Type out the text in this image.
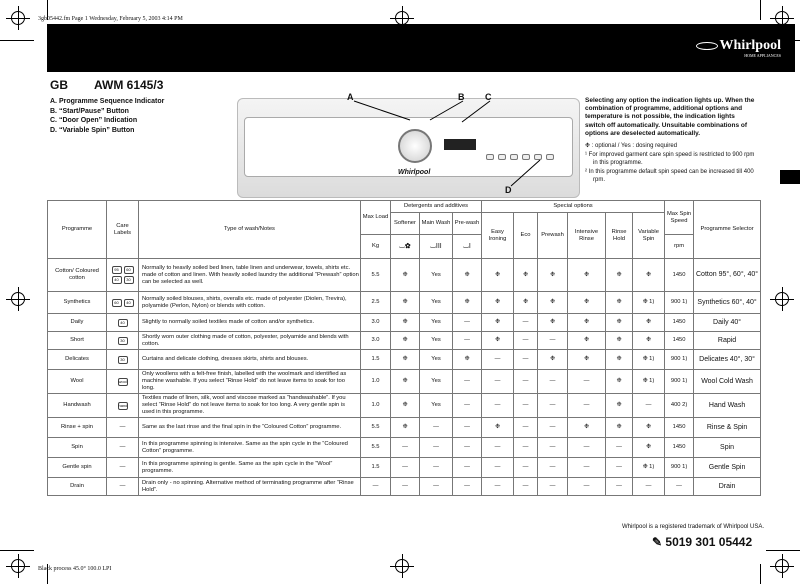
3gb05442.fm Page 1 Wednesday, February 5, 2003 4:14 PM
Black process 45.0° 100.0 LPI
Whirlpool
HOME APPLIANCES
GB AWM 6145/3
A. Programme Sequence Indicator
B. “Start/Pause” Button
C. “Door Open” Indication
D. “Variable Spin” Button
Whirlpool
A	B C
D
Selecting any option the indication lights up. When the combination of programme, additional options and temperature is not possible, the indication lights switch off automatically. Unsuitable combinations of options are deselected automatically.
❉ : optional / Yes : dosing required
¹ For improved garment care spin speed is restricted to 900 rpm in this programme.
² In this programme default spin speed can be increased till 400 rpm.
Programme	Care Labels	Type of wash/Notes	Max Load	Detergents and additives			Special options						Max Spin Speed	Programme Selector
				Softener	Main Wash	Pre-wash	Easy Ironing	Eco	Prewash	Intensive Rinse	Rinse Hold	Variable Spin		
			Kg	⌴✿	⌴III	⌴I							rpm	
Cotton/ Coloured cotton	95 6040 30	Normally to heavily soiled bed linen, table linen and underwear, towels, shirts etc. made of cotton and linen. With heavily soiled laundry the additional “Prewash” option can be selected as well.	5.5	❉	Yes	❉	❉	❉	❉	❉	❉	❉	1450	Cotton 95°, 60°, 40°
Synthetics	60 40	Normally soiled blouses, shirts, overalls etc. made of polyester (Diolen, Trevira), polyamide (Perlon, Nylon) or blends with cotton.	2.5	❉	Yes	❉	❉	❉	❉	❉	❉	❉ 1)	900 1)	Synthetics 60°, 40°
Daily	40	Slightly to normally soiled textiles made of cotton and/or synthetics.	3.0	❉	Yes	—	❉	—	❉	❉	❉	❉	1450	Daily 40°
Short	30	Shortly worn outer clothing made of cotton, polyester, polyamide and blends with cotton.	3.0	❉	Yes	—	❉	—	—	❉	❉	❉	1450	Rapid
Delicates	30	Curtains and delicate clothing, dresses skirts, shirts and blouses.	1.5	❉	Yes	❉	—	—	❉	❉	❉	❉ 1)	900 1)	Delicates 40°, 30°
Wool	wool	Only woollens with a felt-free finish, labelled with the woolmark and identified as machine washable. If you select “Rinse Hold” do not leave items to soak for too long.	1.0	❉	Yes	—	—	—	—	—	❉	❉ 1)	900 1)	Wool Cold Wash
Handwash	hand	Textiles made of linen, silk, wool and viscose marked as “handwashable”. If you select “Rinse Hold” do not leave items to soak for too long. A very gentle spin is used in this programme.	1.0	❉	Yes	—	—	—	—	—	❉	—	400 2)	Hand Wash
Rinse + spin	—	Same as the last rinse and the final spin in the “Coloured Cotton” programme.	5.5	❉	—	—	❉	—	—	❉	❉	❉	1450	Rinse & Spin
Spin	—	In this programme spinning is intensive. Same as the spin cycle in the “Coloured Cotton” programme.	5.5	—	—	—	—	—	—	—	—	❉	1450	Spin
Gentle spin	—	In this programme spinning is gentle. Same as the spin cycle in the “Wool” programme.	1.5	—	—	—	—	—	—	—	—	❉ 1)	900 1)	Gentle Spin
Drain	—	Drain only - no spinning. Alternative method of terminating programme after “Rinse Hold”.	—	—	—	—	—	—	—	—	—	—	—	Drain
Whirlpool is a registered trademark of Whirlpool USA.
✎ 5019 301 05442
